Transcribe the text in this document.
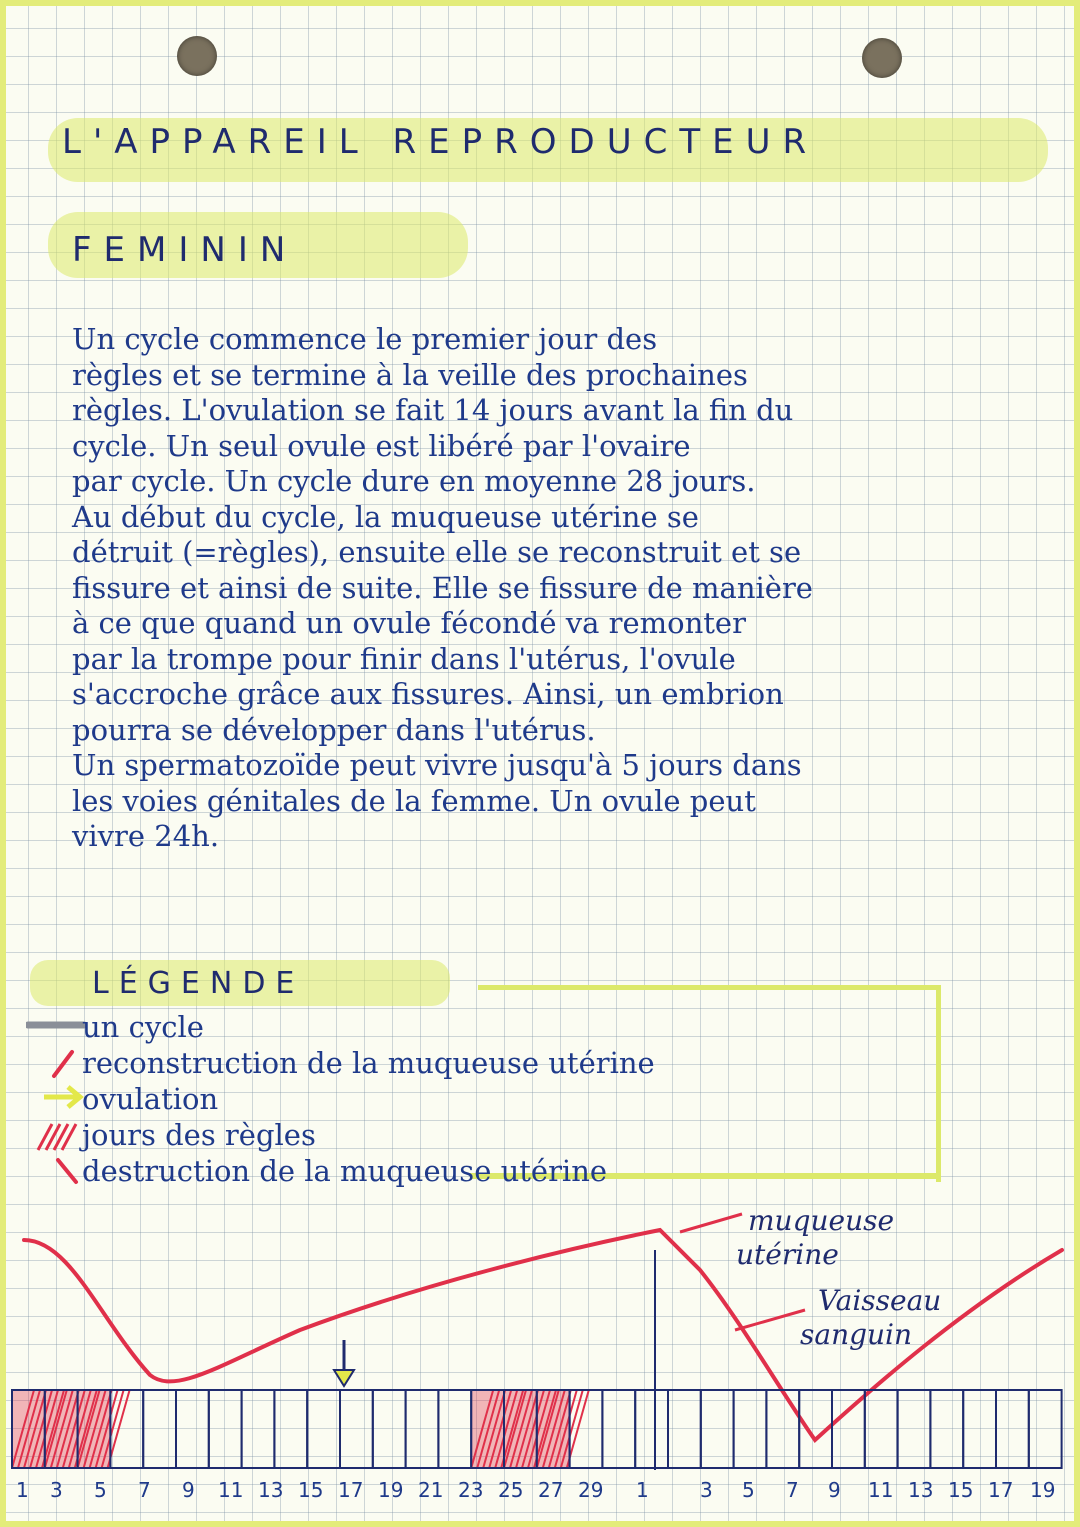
L'APPAREIL REPRODUCTEUR
FEMININ
Un cycle commence le premier jour des
règles et se termine à la veille des prochaines
règles. L'ovulation se fait 14 jours avant la fin du
cycle. Un seul ovule est libéré par l'ovaire
par cycle. Un cycle dure en moyenne 28 jours.
Au début du cycle, la muqueuse utérine se
détruit (=règles), ensuite elle se reconstruit et se
fissure et ainsi de suite. Elle se fissure de manière
à ce que quand un ovule fécondé va remonter
par la trompe pour finir dans l'utérus, l'ovule
s'accroche grâce aux fissures. Ainsi, un embrion
pourra se développer dans l'utérus.
Un spermatozoïde peut vivre jusqu'à 5 jours dans
les voies génitales de la femme. Un ovule peut
vivre 24h.
LÉGENDE
un cycle
reconstruction de la muqueuse utérine
ovulation
jours des règles
destruction de la muqueuse utérine
muqueuse
utérine
Vaisseau
sanguin
1 3 5 7 9 11 13 15 17 19 21 23 25 27 29 1	3 5 7 9 11 13 15 17 19
